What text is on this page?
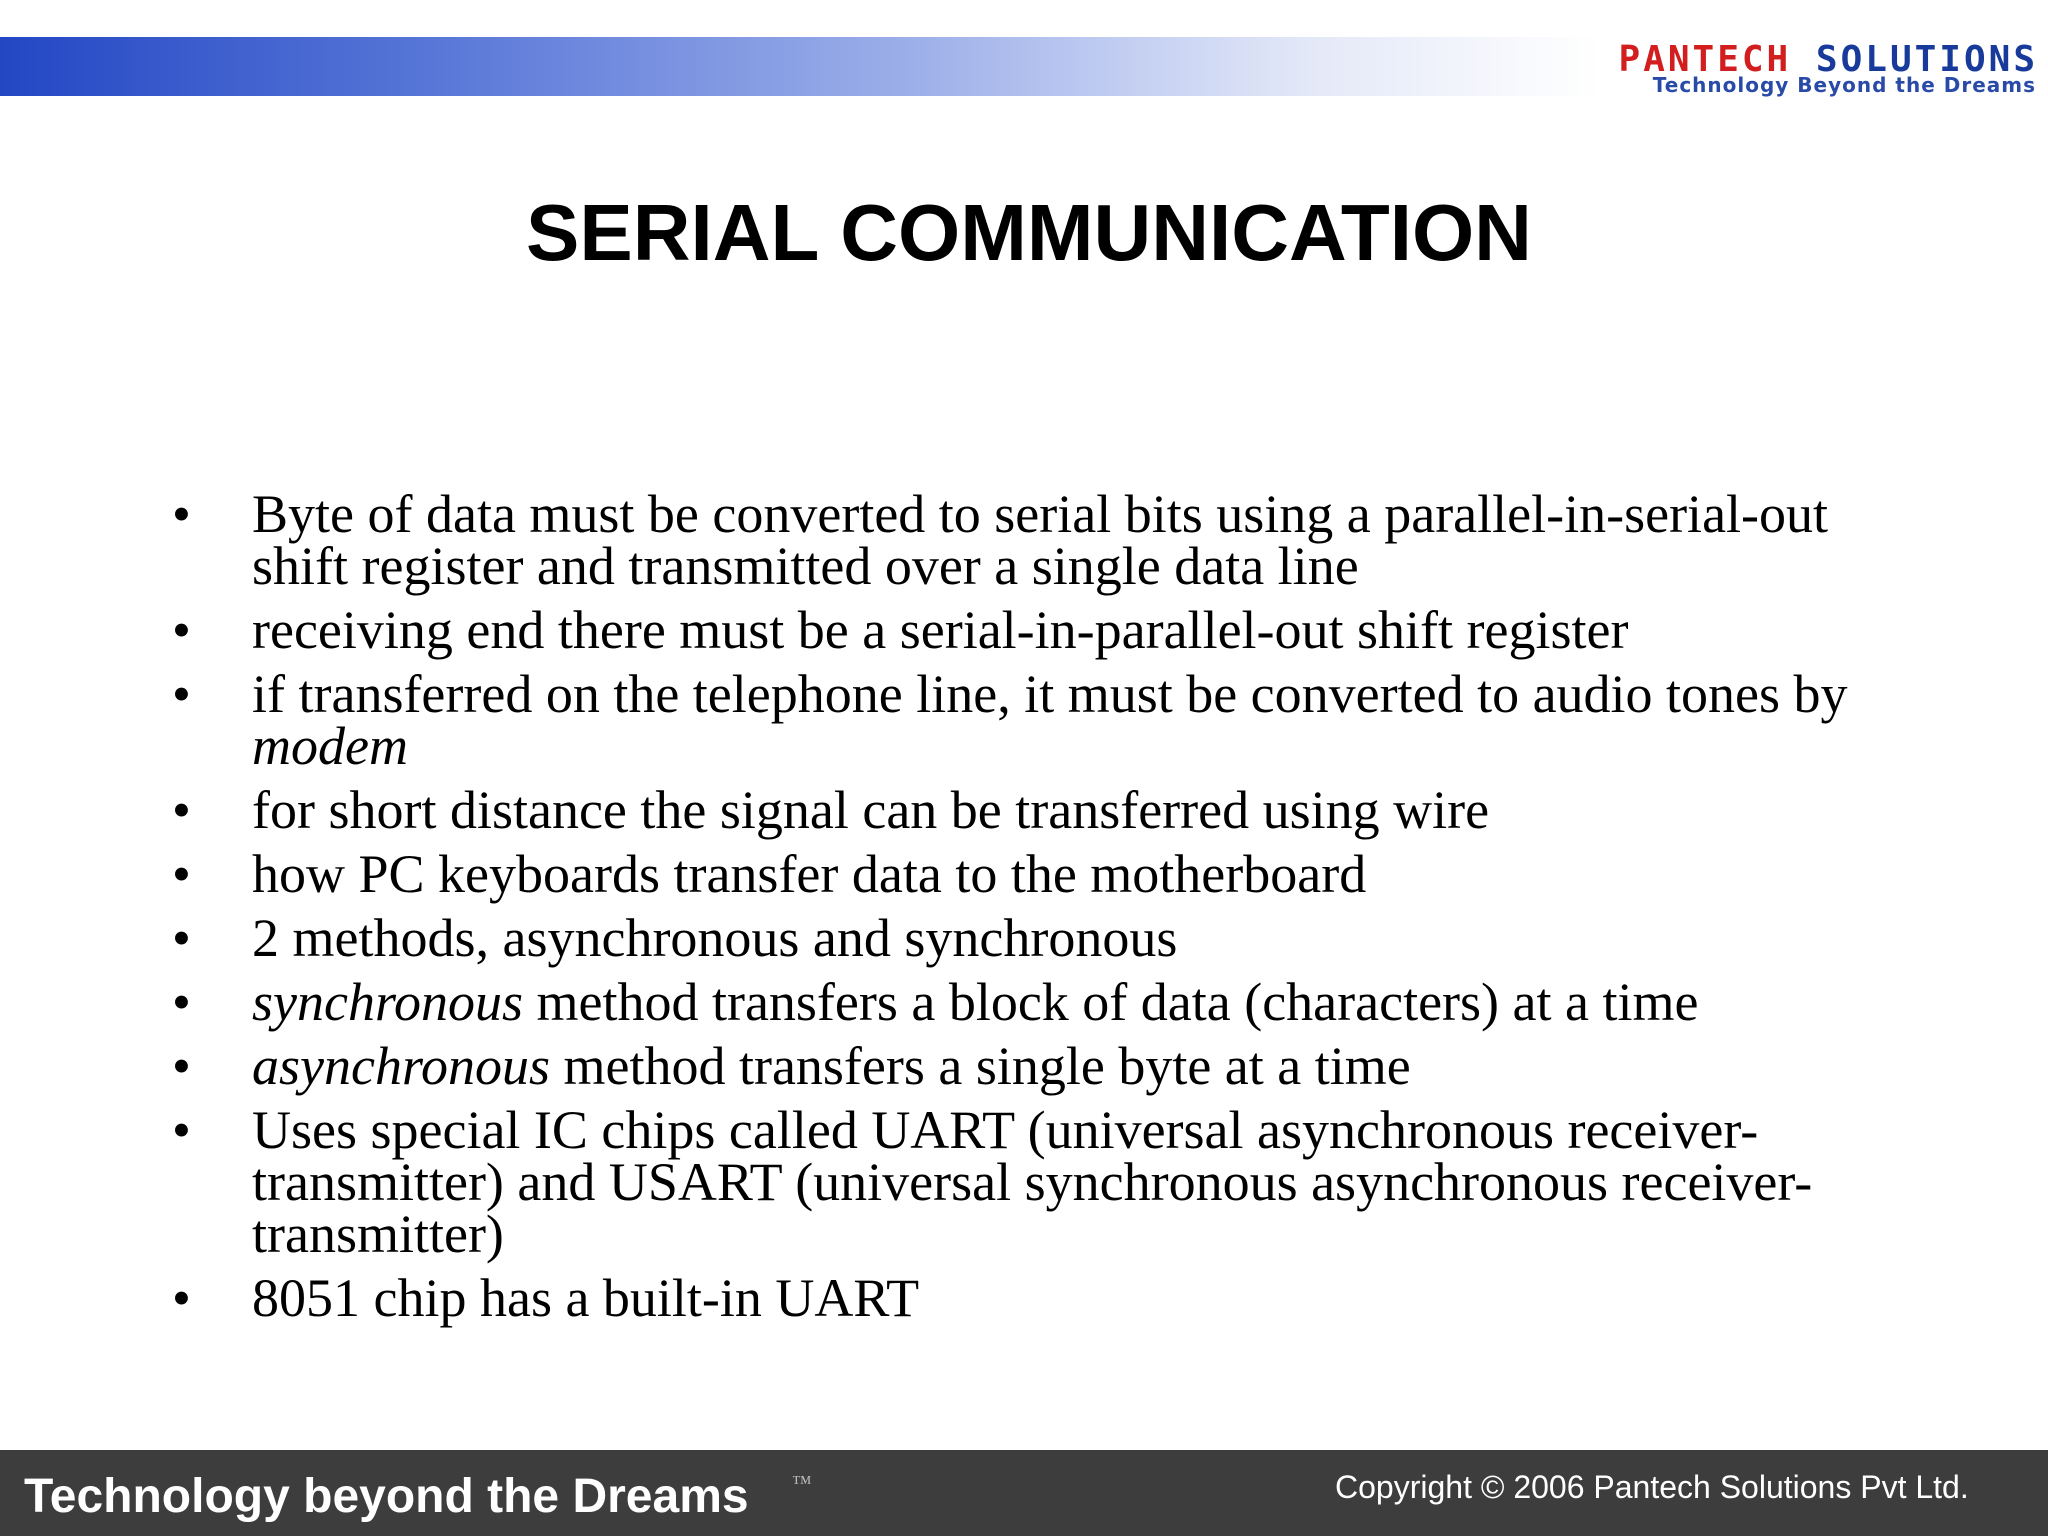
PANTECH SOLUTIONS
Technology Beyond the Dreams
SERIAL COMMUNICATION
• Byte of data must be converted to serial bits using a parallel-in-serial-out shift register and transmitted over a single data line
• receiving end there must be a serial-in-parallel-out shift register
• if transferred on the telephone line, it must be converted to audio tones by modem
• for short distance the signal can be transferred using wire
• how PC keyboards transfer data to the motherboard
• 2 methods, asynchronous and synchronous
• synchronous method transfers a block of data (characters) at a time
• asynchronous method transfers a single byte at a time
• Uses special IC chips called UART (universal asynchronous receiver-transmitter) and USART (universal synchronous asynchronous receiver-transmitter)
• 8051 chip has a built-in UART
Technology beyond the Dreams ™	Copyright © 2006 Pantech Solutions Pvt Ltd.
